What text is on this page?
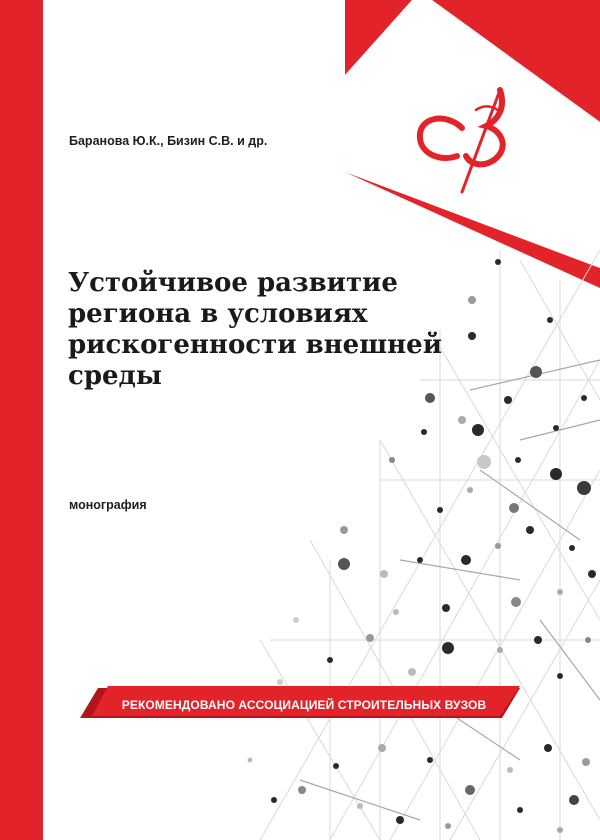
Баранова Ю.К., Бизин С.В. и др.
Устойчивое развитие
региона в условиях
рискогенности внешней
среды
монография
РЕКОМЕНДОВАНО АССОЦИАЦИЕЙ СТРОИТЕЛЬНЫХ ВУЗОВ
